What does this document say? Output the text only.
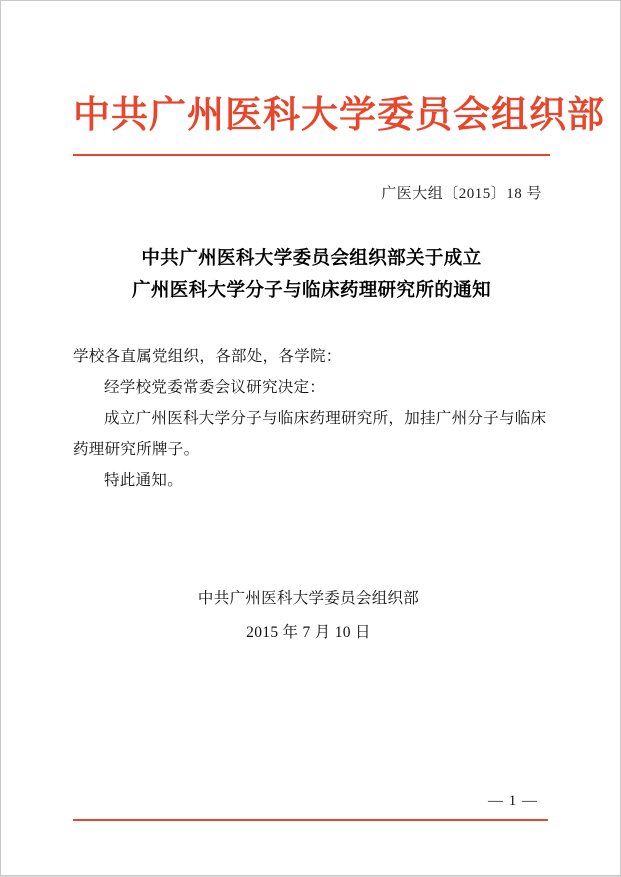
中共广州医科大学委员会组织部
广医大组〔2015〕18 号
中共广州医科大学委员会组织部关于成立
广州医科大学分子与临床药理研究所的通知

学校各直属党组织，各部处，各学院：

经学校党委常委会议研究决定：

成立广州医科大学分子与临床药理研究所，加挂广州分子与临床药理研究所牌子。

特此通知。

中共广州医科大学委员会组织部

2015 年 7 月 10 日

— 1 —
